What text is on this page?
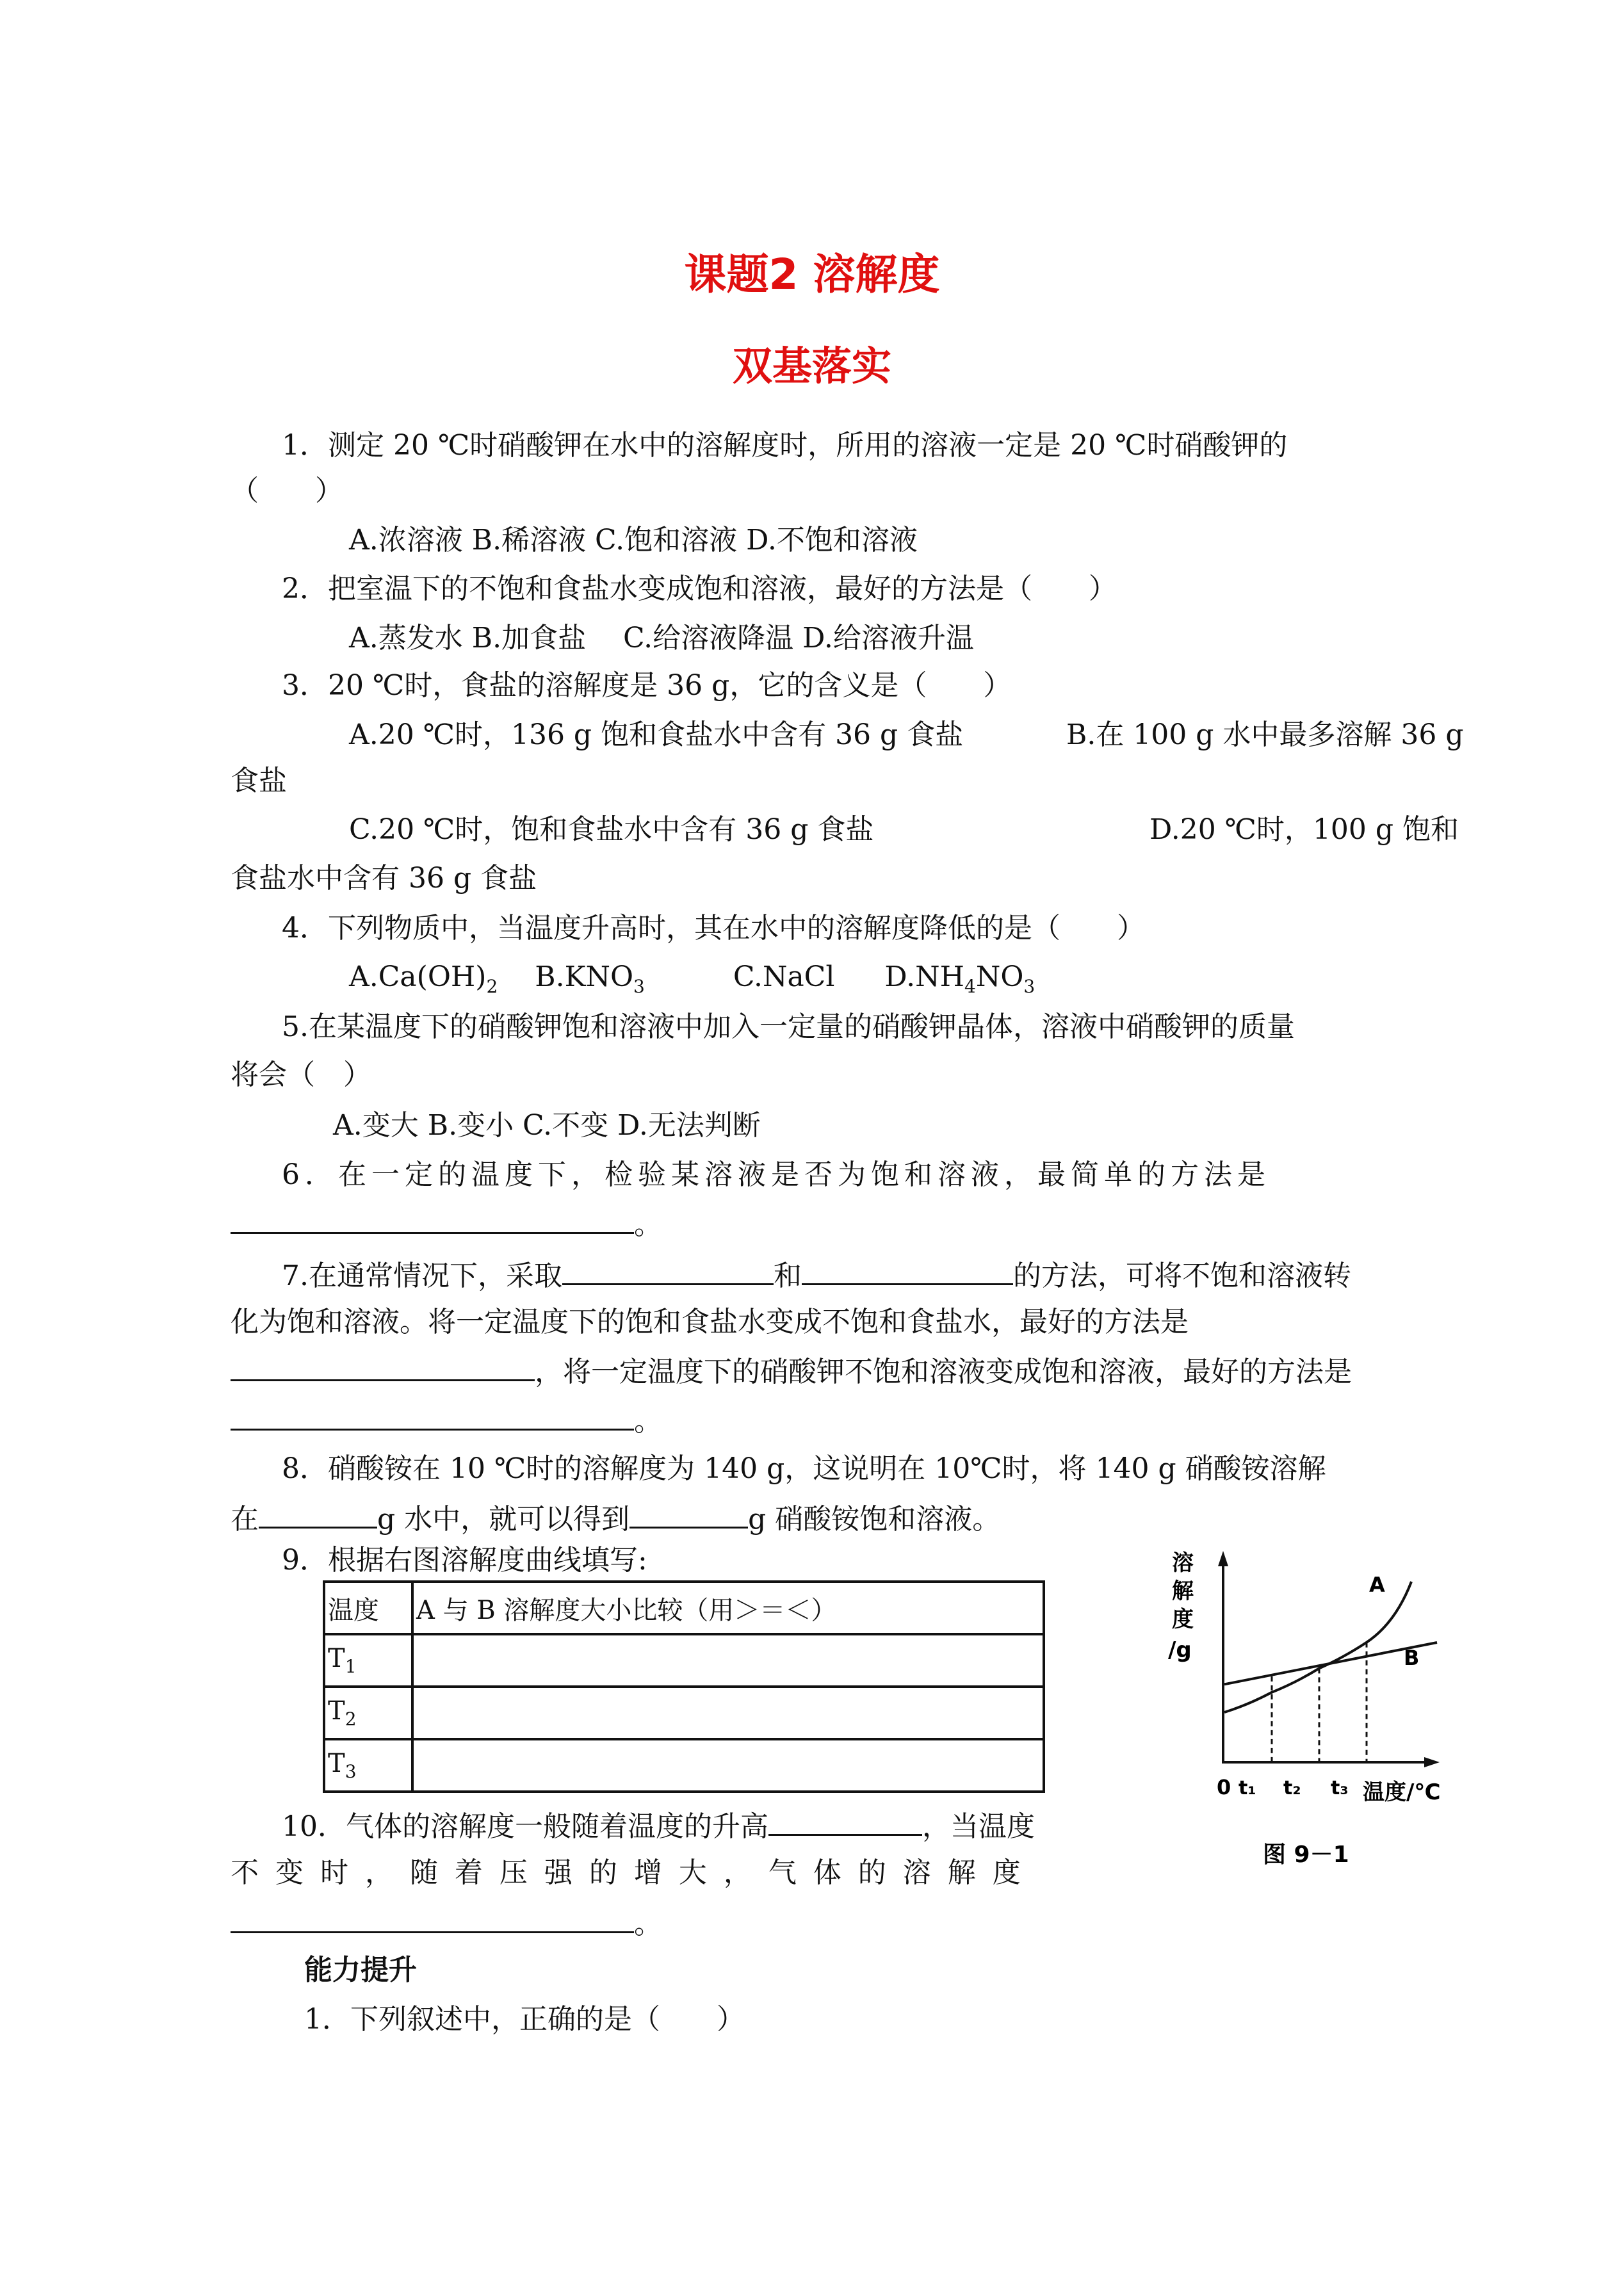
课题2 溶解度
双基落实
1．测定 20 ℃时硝酸钾在水中的溶解度时，所用的溶液一定是 20 ℃时硝酸钾的
（　　）
A.浓溶液 B.稀溶液 C.饱和溶液 D.不饱和溶液
2．把室温下的不饱和食盐水变成饱和溶液，最好的方法是（　　）
A.蒸发水 B.加食盐　 C.给溶液降温 D.给溶液升温
3．20 ℃时，食盐的溶解度是 36 g，它的含义是（　　）
A.20 ℃时，136 g 饱和食盐水中含有 36 g 食盐	B.在 100 g 水中最多溶解 36 g
食盐
C.20 ℃时，饱和食盐水中含有 36 g 食盐	D.20 ℃时，100 g 饱和
食盐水中含有 36 g 食盐
4．下列物质中，当温度升高时，其在水中的溶解度降低的是（　　）
$A.Ca(OH)_2$ $B.KNO_3$	C.NaCl $D.NH_4NO_3$
5.在某温度下的硝酸钾饱和溶液中加入一定量的硝酸钾晶体，溶液中硝酸钾的质量
将会（　）
A.变大 B.变小 C.不变 D.无法判断
6．在一定的温度下，检验某溶液是否为饱和溶液，最简单的方法是
。
7.在通常情况下，采取	和	的方法，可将不饱和溶液转
化为饱和溶液。将一定温度下的饱和食盐水变成不饱和食盐水，最好的方法是
，将一定温度下的硝酸钾不饱和溶液变成饱和溶液，最好的方法是
。
8．硝酸铵在 10 ℃时的溶解度为 140 g，这说明在 10℃时，将 140 g 硝酸铵溶解
在	g 水中，就可以得到	g 硝酸铵饱和溶液。
9．根据右图溶解度曲线填写:
温度	A 与 B 溶解度大小比较（用＞＝＜）
$T_1$	
$T_2$	
$T_3$	
溶
解
度
/g
A
B
0 t₁ t₂ t₃ 温度/℃
图 9－1
10．气体的溶解度一般随着温度的升高	，当温度
不 变 时 ， 随 着 压 强 的 增 大 ， 气 体 的 溶 解 度
。
能力提升
1．下列叙述中，正确的是（　　）
